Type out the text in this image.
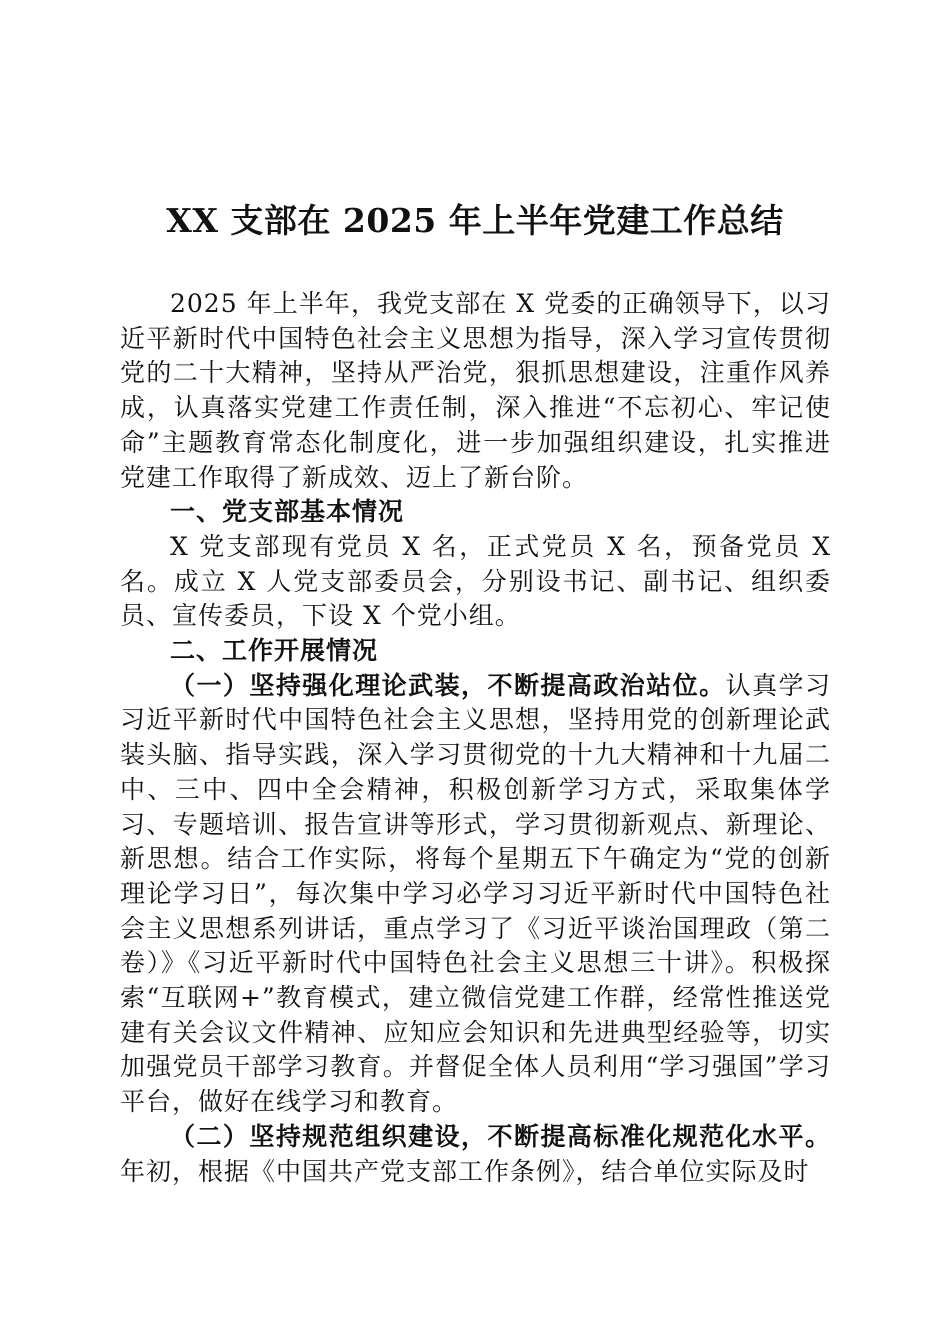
XX 支部在 2025 年上半年党建工作总结

2025 年上半年，我党支部在 X 党委的正确领导下，以习近平新时代中国特色社会主义思想为指导，深入学习宣传贯彻党的二十大精神，坚持从严治党，狠抓思想建设，注重作风养成，认真落实党建工作责任制，深入推进“不忘初心、牢记使命”主题教育常态化制度化，进一步加强组织建设，扎实推进党建工作取得了新成效、迈上了新台阶。

一、党支部基本情况

X 党支部现有党员 X 名，正式党员 X 名，预备党员 X 名。成立 X 人党支部委员会，分别设书记、副书记、组织委员、宣传委员，下设 X 个党小组。

二、工作开展情况

（一）坚持强化理论武装，不断提高政治站位。认真学习习近平新时代中国特色社会主义思想，坚持用党的创新理论武装头脑、指导实践，深入学习贯彻党的十九大精神和十九届二中、三中、四中全会精神，积极创新学习方式，采取集体学习、专题培训、报告宣讲等形式，学习贯彻新观点、新理论、新思想。结合工作实际，将每个星期五下午确定为“党的创新理论学习日”，每次集中学习必学习习近平新时代中国特色社会主义思想系列讲话，重点学习了《习近平谈治国理政（第二卷）》《习近平新时代中国特色社会主义思想三十讲》。积极探索“互联网+”教育模式，建立微信党建工作群，经常性推送党建有关会议文件精神、应知应会知识和先进典型经验等，切实加强党员干部学习教育。并督促全体人员利用“学习强国”学习平台，做好在线学习和教育。

（二）坚持规范组织建设，不断提高标准化规范化水平。年初，根据《中国共产党支部工作条例》，结合单位实际及时
